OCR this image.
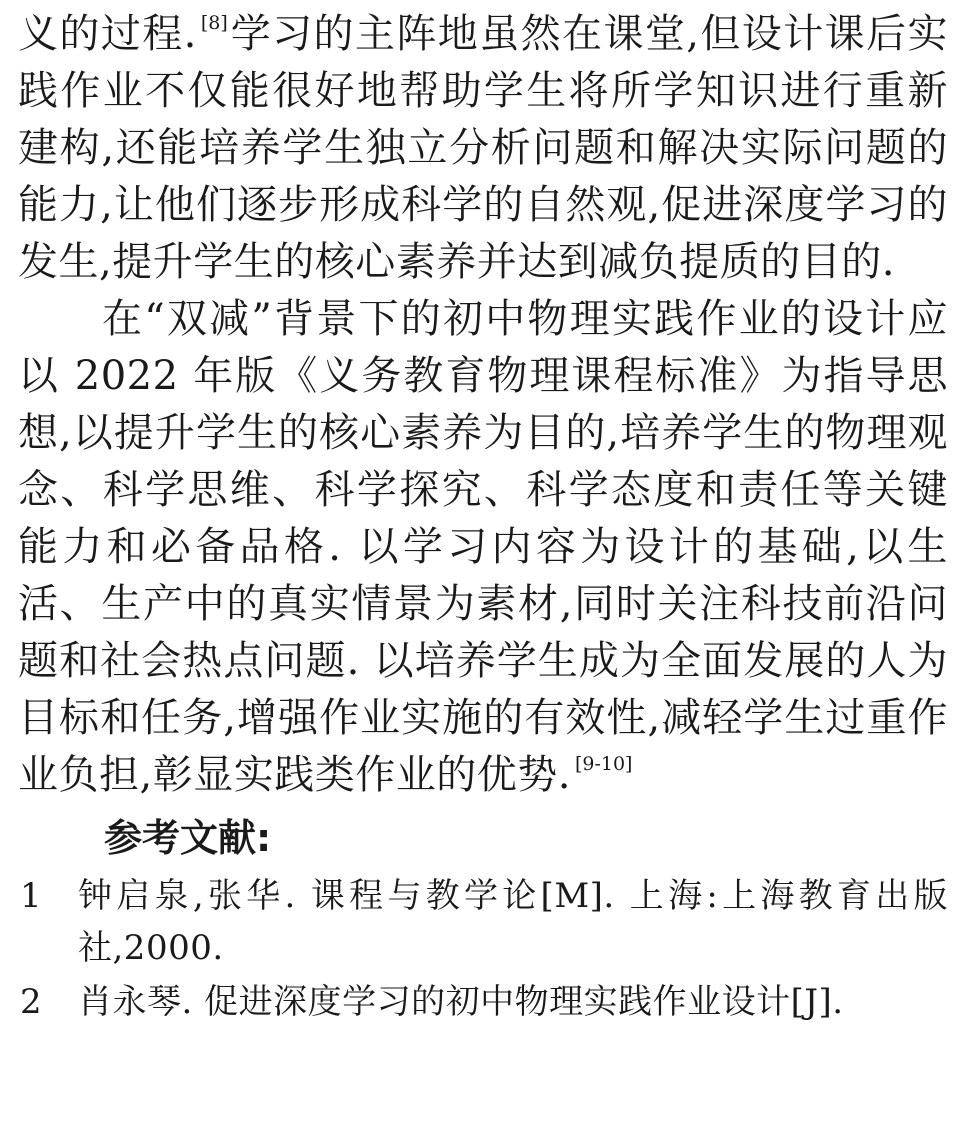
义的过程. [8]学习的主阵地虽然在课堂,但设计课后实践作业不仅能很好地帮助学生将所学知识进行重新建构,还能培养学生独立分析问题和解决实际问题的能力,让他们逐步形成科学的自然观,促进深度学习的发生,提升学生的核心素养并达到减负提质的目的.

在“双减”背景下的初中物理实践作业的设计应以 2022 年版《义务教育物理课程标准》为指导思想,以提升学生的核心素养为目的,培养学生的物理观念、科学思维、科学探究、科学态度和责任等关键能力和必备品格. 以学习内容为设计的基础,以生活、生产中的真实情景为素材,同时关注科技前沿问题和社会热点问题. 以培养学生成为全面发展的人为目标和任务,增强作业实施的有效性,减轻学生过重作业负担,彰显实践类作业的优势. [9-10]

参考文献:
1	钟启泉,张华. 课程与教学论[M]. 上海:上海教育出版社,2000.
2	肖永琴. 促进深度学习的初中物理实践作业设计[J].
